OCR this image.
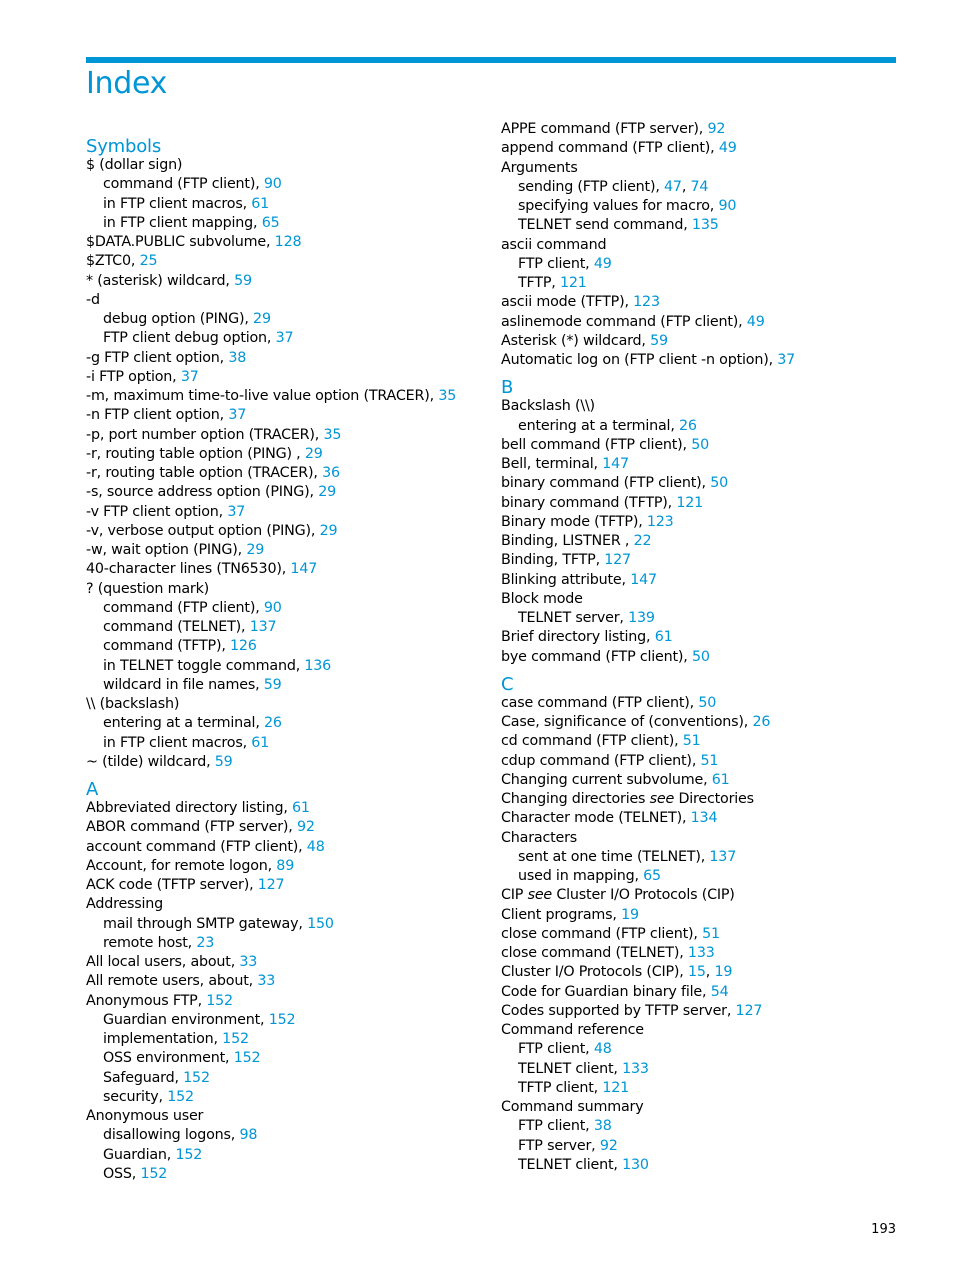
Index
Symbols
$ (dollar sign)
command (FTP client), 90
in FTP client macros, 61
in FTP client mapping, 65
$DATA.PUBLIC subvolume, 128
$ZTC0, 25
* (asterisk) wildcard, 59
-d
debug option (PING), 29
FTP client debug option, 37
-g FTP client option, 38
-i FTP option, 37
-m, maximum time-to-live value option (TRACER), 35
-n FTP client option, 37
-p, port number option (TRACER), 35
-r, routing table option (PING) , 29
-r, routing table option (TRACER), 36
-s, source address option (PING), 29
-v FTP client option, 37
-v, verbose output option (PING), 29
-w, wait option (PING), 29
40-character lines (TN6530), 147
? (question mark)
command (FTP client), 90
command (TELNET), 137
command (TFTP), 126
in TELNET toggle command, 136
wildcard in file names, 59
\\ (backslash)
entering at a terminal, 26
in FTP client macros, 61
~ (tilde) wildcard, 59
A
Abbreviated directory listing, 61
ABOR command (FTP server), 92
account command (FTP client), 48
Account, for remote logon, 89
ACK code (TFTP server), 127
Addressing
mail through SMTP gateway, 150
remote host, 23
All local users, about, 33
All remote users, about, 33
Anonymous FTP, 152
Guardian environment, 152
implementation, 152
OSS environment, 152
Safeguard, 152
security, 152
Anonymous user
disallowing logons, 98
Guardian, 152
OSS, 152
APPE command (FTP server), 92
append command (FTP client), 49
Arguments
sending (FTP client), 47, 74
specifying values for macro, 90
TELNET send command, 135
ascii command
FTP client, 49
TFTP, 121
ascii mode (TFTP), 123
aslinemode command (FTP client), 49
Asterisk (*) wildcard, 59
Automatic log on (FTP client -n option), 37
B
Backslash (\\)
entering at a terminal, 26
bell command (FTP client), 50
Bell, terminal, 147
binary command (FTP client), 50
binary command (TFTP), 121
Binary mode (TFTP), 123
Binding, LISTNER , 22
Binding, TFTP, 127
Blinking attribute, 147
Block mode
TELNET server, 139
Brief directory listing, 61
bye command (FTP client), 50
C
case command (FTP client), 50
Case, significance of (conventions), 26
cd command (FTP client), 51
cdup command (FTP client), 51
Changing current subvolume, 61
Changing directories see Directories
Character mode (TELNET), 134
Characters
sent at one time (TELNET), 137
used in mapping, 65
CIP see Cluster I/O Protocols (CIP)
Client programs, 19
close command (FTP client), 51
close command (TELNET), 133
Cluster I/O Protocols (CIP), 15, 19
Code for Guardian binary file, 54
Codes supported by TFTP server, 127
Command reference
FTP client, 48
TELNET client, 133
TFTP client, 121
Command summary
FTP client, 38
FTP server, 92
TELNET client, 130
193
